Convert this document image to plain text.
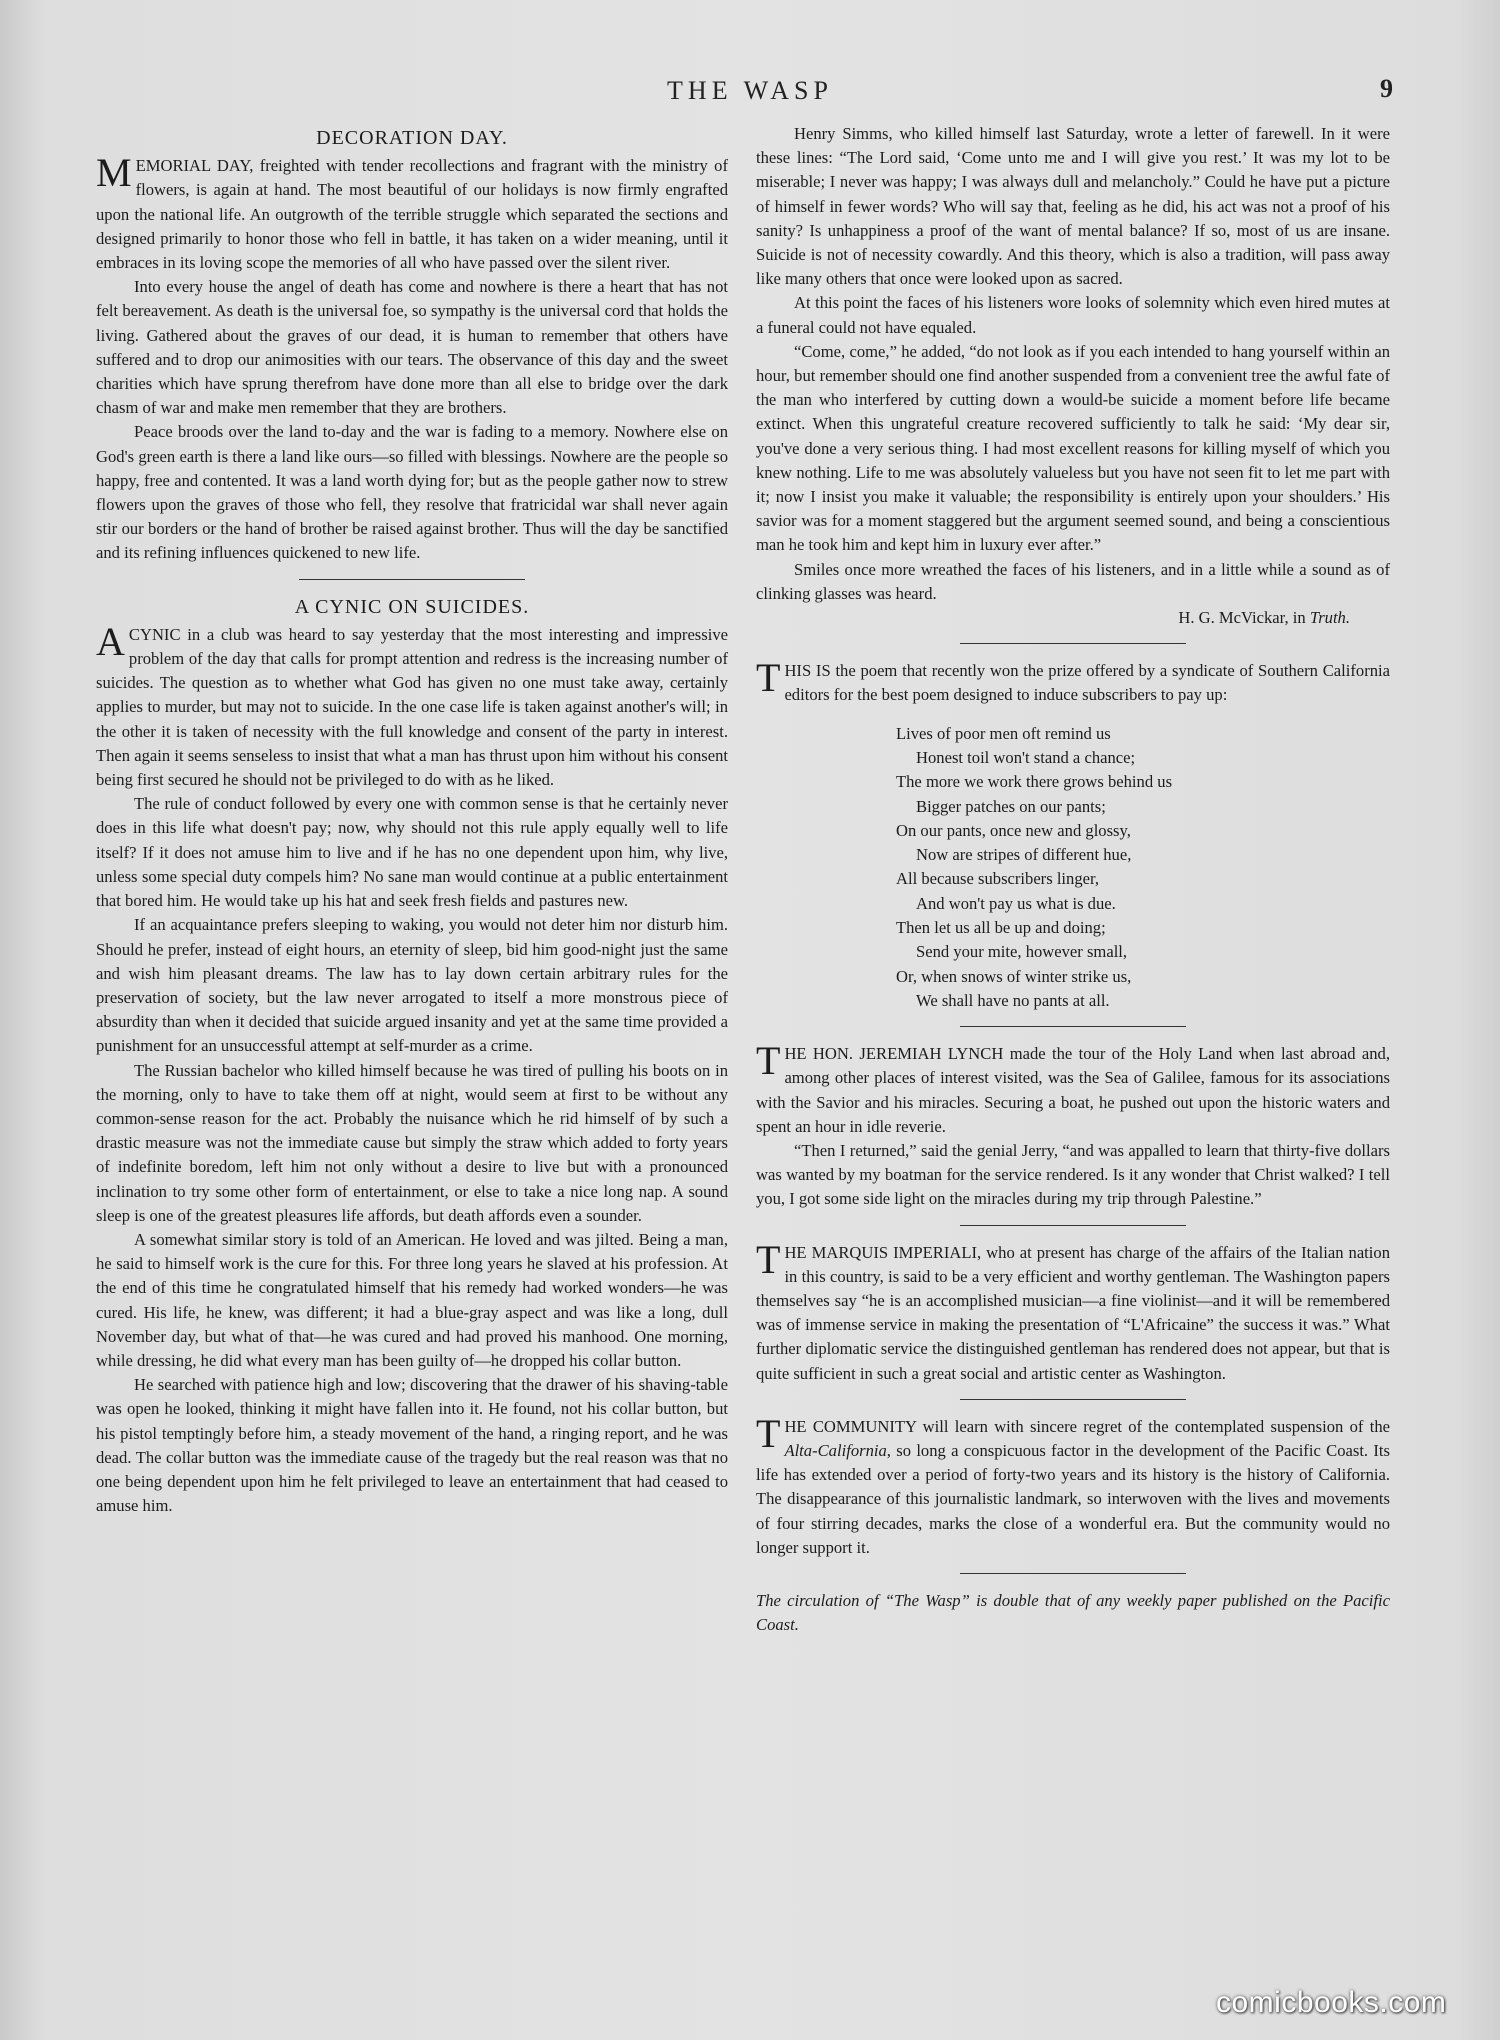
THE WASP	9
DECORATION DAY.

MEMORIAL DAY, freighted with tender recollections and fragrant with the ministry of flowers, is again at hand. The most beautiful of our holidays is now firmly engrafted upon the national life. An outgrowth of the terrible struggle which separated the sections and designed primarily to honor those who fell in battle, it has taken on a wider meaning, until it embraces in its loving scope the memories of all who have passed over the silent river.

Into every house the angel of death has come and nowhere is there a heart that has not felt bereavement. As death is the universal foe, so sympathy is the universal cord that holds the living. Gathered about the graves of our dead, it is human to remember that others have suffered and to drop our animosities with our tears. The observance of this day and the sweet charities which have sprung therefrom have done more than all else to bridge over the dark chasm of war and make men remember that they are brothers.

Peace broods over the land to-day and the war is fading to a memory. Nowhere else on God's green earth is there a land like ours—so filled with blessings. Nowhere are the people so happy, free and contented. It was a land worth dying for; but as the people gather now to strew flowers upon the graves of those who fell, they resolve that fratricidal war shall never again stir our borders or the hand of brother be raised against brother. Thus will the day be sanctified and its refining influences quickened to new life.

A CYNIC ON SUICIDES.

ACYNIC in a club was heard to say yesterday that the most interesting and impressive problem of the day that calls for prompt attention and redress is the increasing number of suicides. The question as to whether what God has given no one must take away, certainly applies to murder, but may not to suicide. In the one case life is taken against another's will; in the other it is taken of necessity with the full knowledge and consent of the party in interest. Then again it seems senseless to insist that what a man has thrust upon him without his consent being first secured he should not be privileged to do with as he liked.

The rule of conduct followed by every one with common sense is that he certainly never does in this life what doesn't pay; now, why should not this rule apply equally well to life itself? If it does not amuse him to live and if he has no one dependent upon him, why live, unless some special duty compels him? No sane man would continue at a public entertainment that bored him. He would take up his hat and seek fresh fields and pastures new.

If an acquaintance prefers sleeping to waking, you would not deter him nor disturb him. Should he prefer, instead of eight hours, an eternity of sleep, bid him good-night just the same and wish him pleasant dreams. The law has to lay down certain arbitrary rules for the preservation of society, but the law never arrogated to itself a more monstrous piece of absurdity than when it decided that suicide argued insanity and yet at the same time provided a punishment for an unsuccessful attempt at self-murder as a crime.

The Russian bachelor who killed himself because he was tired of pulling his boots on in the morning, only to have to take them off at night, would seem at first to be without any common-sense reason for the act. Probably the nuisance which he rid himself of by such a drastic measure was not the immediate cause but simply the straw which added to forty years of indefinite boredom, left him not only without a desire to live but with a pronounced inclination to try some other form of entertainment, or else to take a nice long nap. A sound sleep is one of the greatest pleasures life affords, but death affords even a sounder.

A somewhat similar story is told of an American. He loved and was jilted. Being a man, he said to himself work is the cure for this. For three long years he slaved at his profession. At the end of this time he congratulated himself that his remedy had worked wonders—he was cured. His life, he knew, was different; it had a blue-gray aspect and was like a long, dull November day, but what of that—he was cured and had proved his manhood. One morning, while dressing, he did what every man has been guilty of—he dropped his collar button.

He searched with patience high and low; discovering that the drawer of his shaving-table was open he looked, thinking it might have fallen into it. He found, not his collar button, but his pistol temptingly before him, a steady movement of the hand, a ringing report, and he was dead. The collar button was the immediate cause of the tragedy but the real reason was that no one being dependent upon him he felt privileged to leave an entertainment that had ceased to amuse him.

Henry Simms, who killed himself last Saturday, wrote a letter of farewell. In it were these lines: “The Lord said, ‘Come unto me and I will give you rest.’ It was my lot to be miserable; I never was happy; I was always dull and melancholy.” Could he have put a picture of himself in fewer words? Who will say that, feeling as he did, his act was not a proof of his sanity? Is unhappiness a proof of the want of mental balance? If so, most of us are insane. Suicide is not of necessity cowardly. And this theory, which is also a tradition, will pass away like many others that once were looked upon as sacred.

At this point the faces of his listeners wore looks of solemnity which even hired mutes at a funeral could not have equaled.

“Come, come,” he added, “do not look as if you each intended to hang yourself within an hour, but remember should one find another suspended from a convenient tree the awful fate of the man who interfered by cutting down a would-be suicide a moment before life became extinct. When this ungrateful creature recovered sufficiently to talk he said: ‘My dear sir, you've done a very serious thing. I had most excellent reasons for killing myself of which you knew nothing. Life to me was absolutely valueless but you have not seen fit to let me part with it; now I insist you make it valuable; the responsibility is entirely upon your shoulders.’ His savior was for a moment staggered but the argument seemed sound, and being a conscientious man he took him and kept him in luxury ever after.”

Smiles once more wreathed the faces of his listeners, and in a little while a sound as of clinking glasses was heard.

H. G. McVickar, in Truth.

THIS IS the poem that recently won the prize offered by a syndicate of Southern California editors for the best poem designed to induce subscribers to pay up:

Lives of poor men oft remind us
Honest toil won't stand a chance;
The more we work there grows behind us
Bigger patches on our pants;
On our pants, once new and glossy,
Now are stripes of different hue,
All because subscribers linger,
And won't pay us what is due.
Then let us all be up and doing;
Send your mite, however small,
Or, when snows of winter strike us,
We shall have no pants at all.

THE HON. JEREMIAH LYNCH made the tour of the Holy Land when last abroad and, among other places of interest visited, was the Sea of Galilee, famous for its associations with the Savior and his miracles. Securing a boat, he pushed out upon the historic waters and spent an hour in idle reverie.

“Then I returned,” said the genial Jerry, “and was appalled to learn that thirty-five dollars was wanted by my boatman for the service rendered. Is it any wonder that Christ walked? I tell you, I got some side light on the miracles during my trip through Palestine.”

THE MARQUIS IMPERIALI, who at present has charge of the affairs of the Italian nation in this country, is said to be a very efficient and worthy gentleman. The Washington papers themselves say “he is an accomplished musician—a fine violinist—and it will be remembered was of immense service in making the presentation of “L'Africaine” the success it was.” What further diplomatic service the distinguished gentleman has rendered does not appear, but that is quite sufficient in such a great social and artistic center as Washington.

THE COMMUNITY will learn with sincere regret of the contemplated suspension of the Alta-California, so long a conspicuous factor in the development of the Pacific Coast. Its life has extended over a period of forty-two years and its history is the history of California. The disappearance of this journalistic landmark, so interwoven with the lives and movements of four stirring decades, marks the close of a wonderful era. But the community would no longer support it.

The circulation of “The Wasp” is double that of any weekly paper published on the Pacific Coast.

comicbooks.com
